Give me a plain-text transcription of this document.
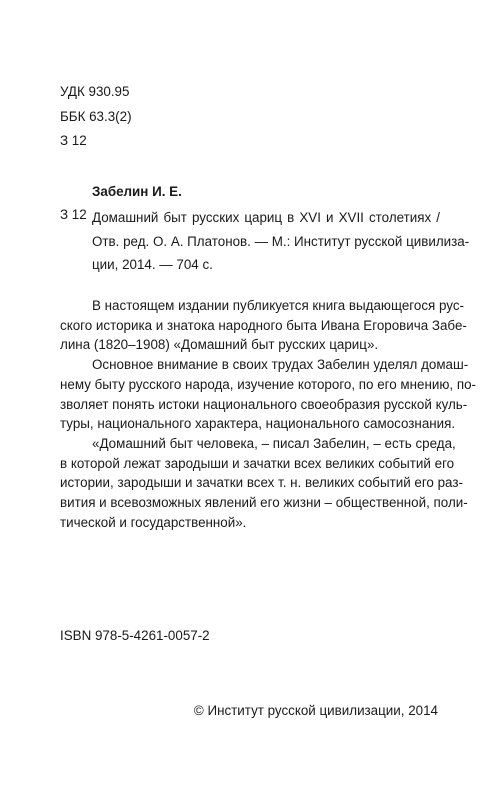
УДК 930.95
ББК 63.3(2)
З 12
Забелин И. Е.
З 12 Домашний быт русских цариц в XVI и XVII столетиях /
Отв. ред. О. А. Платонов. — М.: Институт русской цивилиза-
ции, 2014. — 704 с.
В настоящем издании публикуется книга выдающегося рус-
ского историка и знатока народного быта Ивана Егоровича Забе-
лина (1820–1908) «Домашний быт русских цариц».
Основное внимание в своих трудах Забелин уделял домаш-
нему быту русского народа, изучение которого, по его мнению, по-
зволяет понять истоки национального своеобразия русской куль-
туры, национального характера, национального самосознания.
«Домашний быт человека, – писал Забелин, – есть среда,
в которой лежат зародыши и зачатки всех великих событий его
истории, зародыши и зачатки всех т. н. великих событий его раз-
вития и всевозможных явлений его жизни – общественной, поли-
тической и государственной».
ISBN 978-5-4261-0057-2
© Институт русской цивилизации, 2014
